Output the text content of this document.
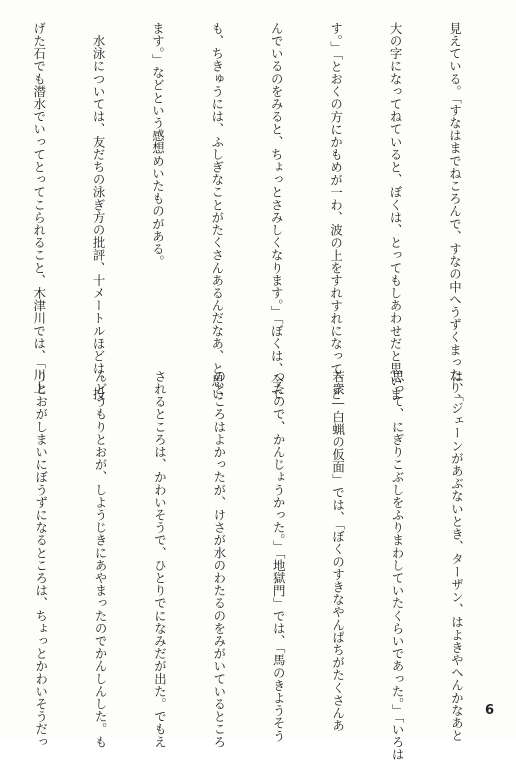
見えている。「すなはまでねころんで、すなの中へうずくまったり、

大の字になってねていると、ぼくは、とってもしあわせだと思いま

す。」「とおくの方にかもめが一わ、波の上をすれすれになって、と

んでいるのをみると、ちょっとさみしくなります。」「ぼくは、今で

も、ちきゅうには、ふしぎなことがたくさんあるんだなあ、と思い

ます。」などという感想めいたものがある。

　水泳については、友だちの泳ぎ方の批評、十メートルほどは、投

げた石でも潜水でいってとってこられること、木津川では、「川上

は、「ジェーンがあぶないとき、ターザン、はよきやへんかなあと

思って、にぎりこぶしをふりまわしていたくらいであった。」「いろは

若衆―白蝋の仮面」では、「ぼくのすきなやんぱちがたくさんあ

つたので、かんじょうかった。」「地獄門」では、「馬のきようそう

のところはよかったが、けさが水のわたるのをみがいているところ

されるところは、かわいそうで、ひとりでになみだが出た。でもえ

んどうもりとおが、しようじきにあやまったのでかんしんした。も

りとおがしまいにぼうずになるところは、ちょっとかわいそうだっ

	6
